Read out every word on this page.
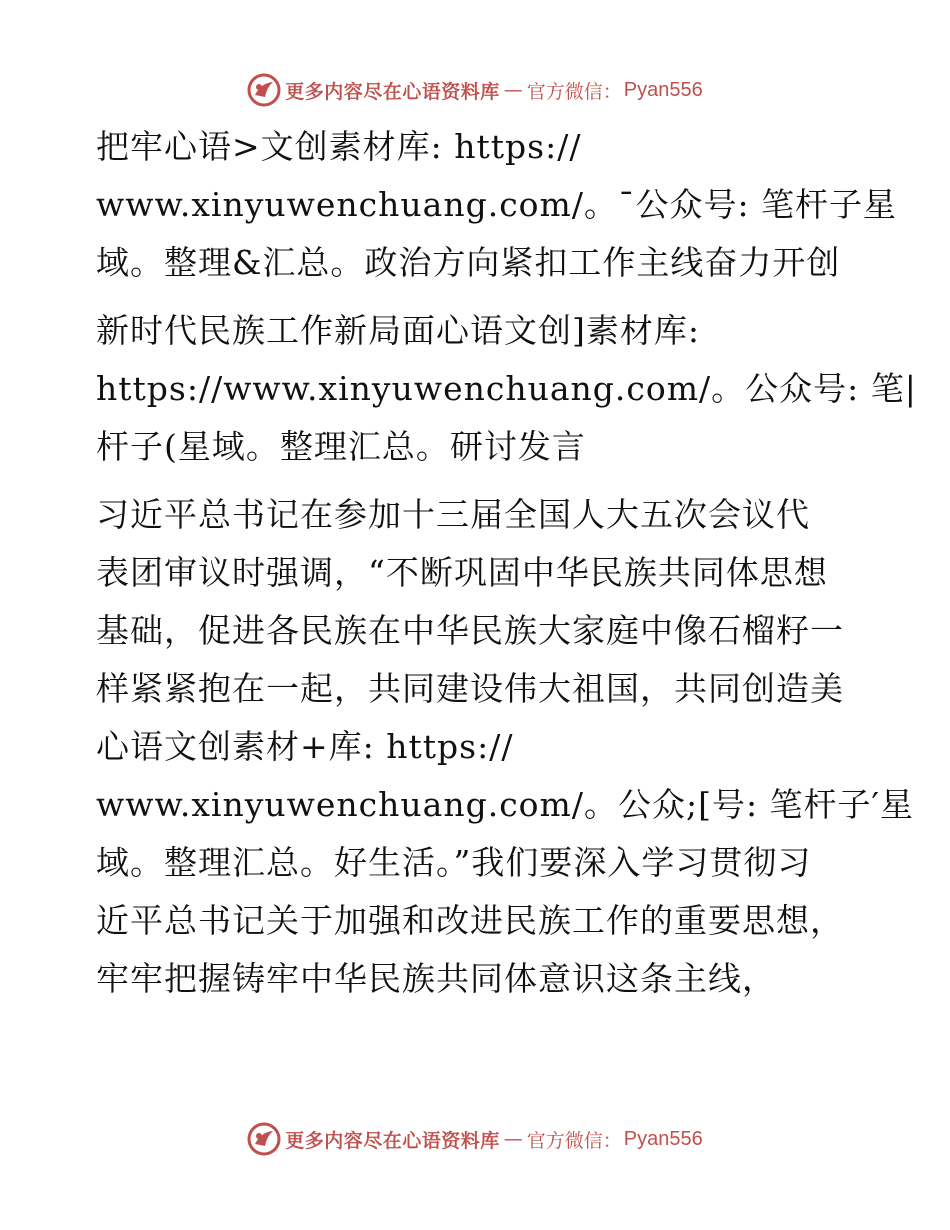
更多内容尽在心语资料库 — 官方微信： Pyan556
把牢心语>文创素材库: https://
www.xinyuwenchuang.com/。¯公众号: 笔杆子星
域。整理&汇总。政治方向紧扣工作主线奋力开创
新时代民族工作新局面心语文创]素材库:
https://www.xinyuwenchuang.com/。公众号: 笔|
杆子(星域。整理汇总。研讨发言
习近平总书记在参加十三届全国人大五次会议代
表团审议时强调，“不断巩固中华民族共同体思想
基础，促进各民族在中华民族大家庭中像石榴籽一
样紧紧抱在一起，共同建设伟大祖国，共同创造美
心语文创素材+库: https://
www.xinyuwenchuang.com/。公众;[号: 笔杆子′星
域。整理汇总。好生活。”我们要深入学习贯彻习
近平总书记关于加强和改进民族工作的重要思想，
牢牢把握铸牢中华民族共同体意识这条主线，
更多内容尽在心语资料库 — 官方微信： Pyan556
